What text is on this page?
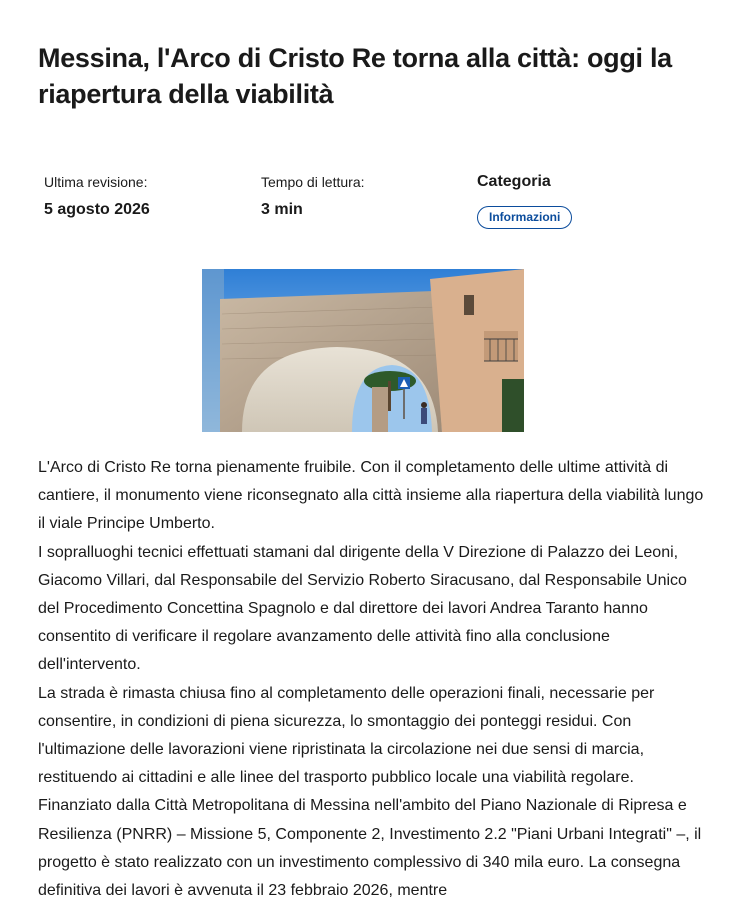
Messina, l'Arco di Cristo Re torna alla città: oggi la riapertura della viabilità
Ultima revisione:
5 agosto 2026
Tempo di lettura:
3 min
Categoria
Informazioni

L'Arco di Cristo Re torna pienamente fruibile. Con il completamento delle ultime attività di cantiere, il monumento viene riconsegnato alla città insieme alla riapertura della viabilità lungo il viale Principe Umberto.

I sopralluoghi tecnici effettuati stamani dal dirigente della V Direzione di Palazzo dei Leoni, Giacomo Villari, dal Responsabile del Servizio Roberto Siracusano, dal Responsabile Unico del Procedimento Concettina Spagnolo e dal direttore dei lavori Andrea Taranto hanno consentito di verificare il regolare avanzamento delle attività fino alla conclusione dell'intervento.

La strada è rimasta chiusa fino al completamento delle operazioni finali, necessarie per consentire, in condizioni di piena sicurezza, lo smontaggio dei ponteggi residui. Con l'ultimazione delle lavorazioni viene ripristinata la circolazione nei due sensi di marcia, restituendo ai cittadini e alle linee del trasporto pubblico locale una viabilità regolare.

Finanziato dalla Città Metropolitana di Messina nell'ambito del Piano Nazionale di Ripresa e Resilienza (PNRR) – Missione 5, Componente 2, Investimento 2.2 "Piani Urbani Integrati" –, il progetto è stato realizzato con un investimento complessivo di 340 mila euro. La consegna definitiva dei lavori è avvenuta il 23 febbraio 2026, mentre
